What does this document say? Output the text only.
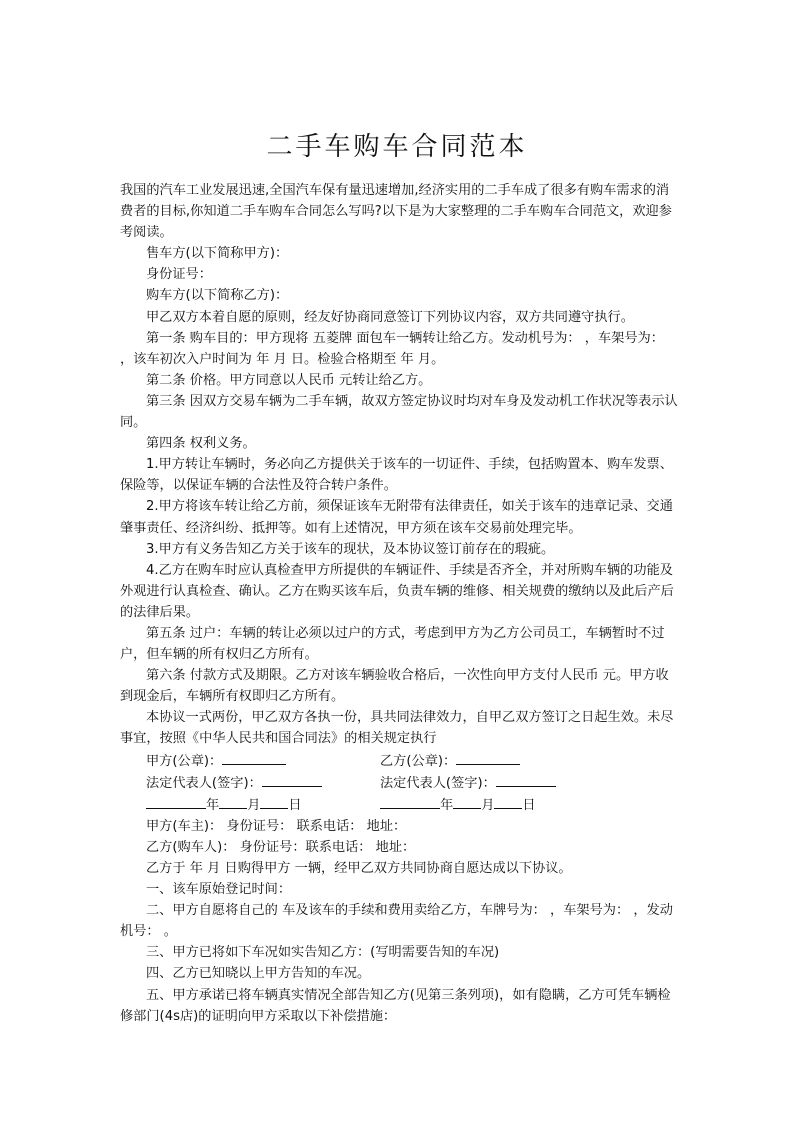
二手车购车合同范本

我国的汽车工业发展迅速,全国汽车保有量迅速增加,经济实用的二手车成了很多有购车需求的消费者的目标,你知道二手车购车合同怎么写吗?以下是为大家整理的二手车购车合同范文，欢迎参考阅读。

售车方(以下简称甲方)：

身份证号：

购车方(以下简称乙方)：

甲乙双方本着自愿的原则，经友好协商同意签订下列协议内容，双方共同遵守执行。

第一条 购车目的：甲方现将 五菱牌 面包车一辆转让给乙方。发动机号为： ，车架号为： ，该车初次入户时间为 年 月 日。检验合格期至 年 月。

第二条 价格。甲方同意以人民币 元转让给乙方。

第三条 因双方交易车辆为二手车辆，故双方签定协议时均对车身及发动机工作状况等表示认同。

第四条 权利义务。

1.甲方转让车辆时，务必向乙方提供关于该车的一切证件、手续，包括购置本、购车发票、保险等，以保证车辆的合法性及符合转户条件。

2.甲方将该车转让给乙方前，须保证该车无附带有法律责任，如关于该车的违章记录、交通肇事责任、经济纠纷、抵押等。如有上述情况，甲方须在该车交易前处理完毕。

3.甲方有义务告知乙方关于该车的现状，及本协议签订前存在的瑕疵。

4.乙方在购车时应认真检查甲方所提供的车辆证件、手续是否齐全，并对所购车辆的功能及外观进行认真检查、确认。乙方在购买该车后，负责车辆的维修、相关规费的缴纳以及此后产后的法律后果。

第五条 过户：车辆的转让必须以过户的方式，考虑到甲方为乙方公司员工，车辆暂时不过户，但车辆的所有权归乙方所有。

第六条 付款方式及期限。乙方对该车辆验收合格后，一次性向甲方支付人民币 元。甲方收到现金后，车辆所有权即归乙方所有。

本协议一式两份，甲乙双方各执一份，具共同法律效力，自甲乙双方签订之日起生效。未尽事宜，按照《中华人民共和国合同法》的相关规定执行

甲方(公章)：	乙方(公章)：
法定代表人(签字)：	法定代表人(签字)：
年 月 日	年 月 日

甲方(车主)： 身份证号： 联系电话： 地址：

乙方(购车人)： 身份证号：联系电话： 地址：

乙方于 年 月 日购得甲方 一辆，经甲乙双方共同协商自愿达成以下协议。

一、该车原始登记时间：

二、甲方自愿将自己的 车及该车的手续和费用卖给乙方，车牌号为： ，车架号为： ，发动机号： 。

三、甲方已将如下车况如实告知乙方：(写明需要告知的车况)

四、乙方已知晓以上甲方告知的车况。

五、甲方承诺已将车辆真实情况全部告知乙方(见第三条列项)，如有隐瞒，乙方可凭车辆检修部门(4s店)的证明向甲方采取以下补偿措施：
